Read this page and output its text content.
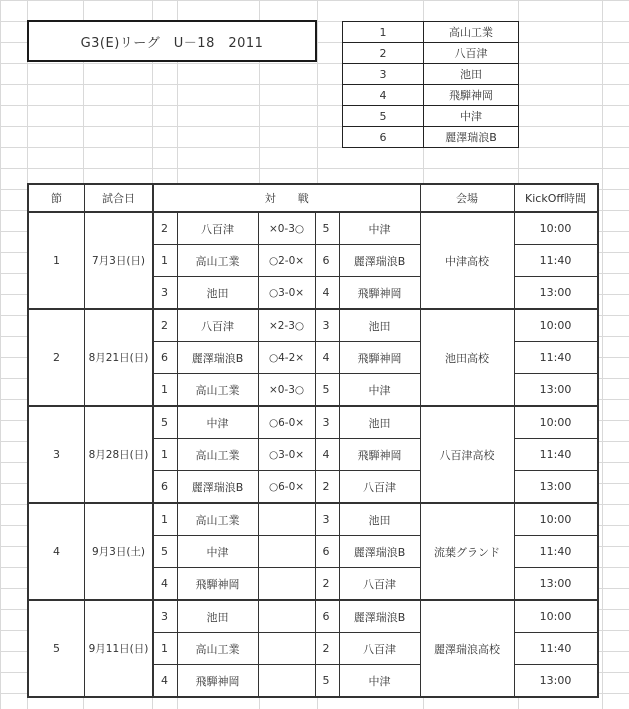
G3(E)リーグ　U－18　2011
1	高山工業
2	八百津
3	池田
4	飛騨神岡
5	中津
6	麗澤瑞浪B
節	試合日	対　　戦					会場	KickOff時間
1	7月3日(日)	2	八百津	×0-3○	5	中津	中津高校	10:00
		1	高山工業	○2-0×	6	麗澤瑞浪B		11:40
		3	池田	○3-0×	4	飛騨神岡		13:00
2	8月21日(日)	2	八百津	×2-3○	3	池田	池田高校	10:00
		6	麗澤瑞浪B	○4-2×	4	飛騨神岡		11:40
		1	高山工業	×0-3○	5	中津		13:00
3	8月28日(日)	5	中津	○6-0×	3	池田	八百津高校	10:00
		1	高山工業	○3-0×	4	飛騨神岡		11:40
		6	麗澤瑞浪B	○6-0×	2	八百津		13:00
4	9月3日(土)	1	高山工業		3	池田	流葉グランド	10:00
		5	中津		6	麗澤瑞浪B		11:40
		4	飛騨神岡		2	八百津		13:00
5	9月11日(日)	3	池田		6	麗澤瑞浪B	麗澤瑞浪高校	10:00
		1	高山工業		2	八百津		11:40
		4	飛騨神岡		5	中津		13:00
